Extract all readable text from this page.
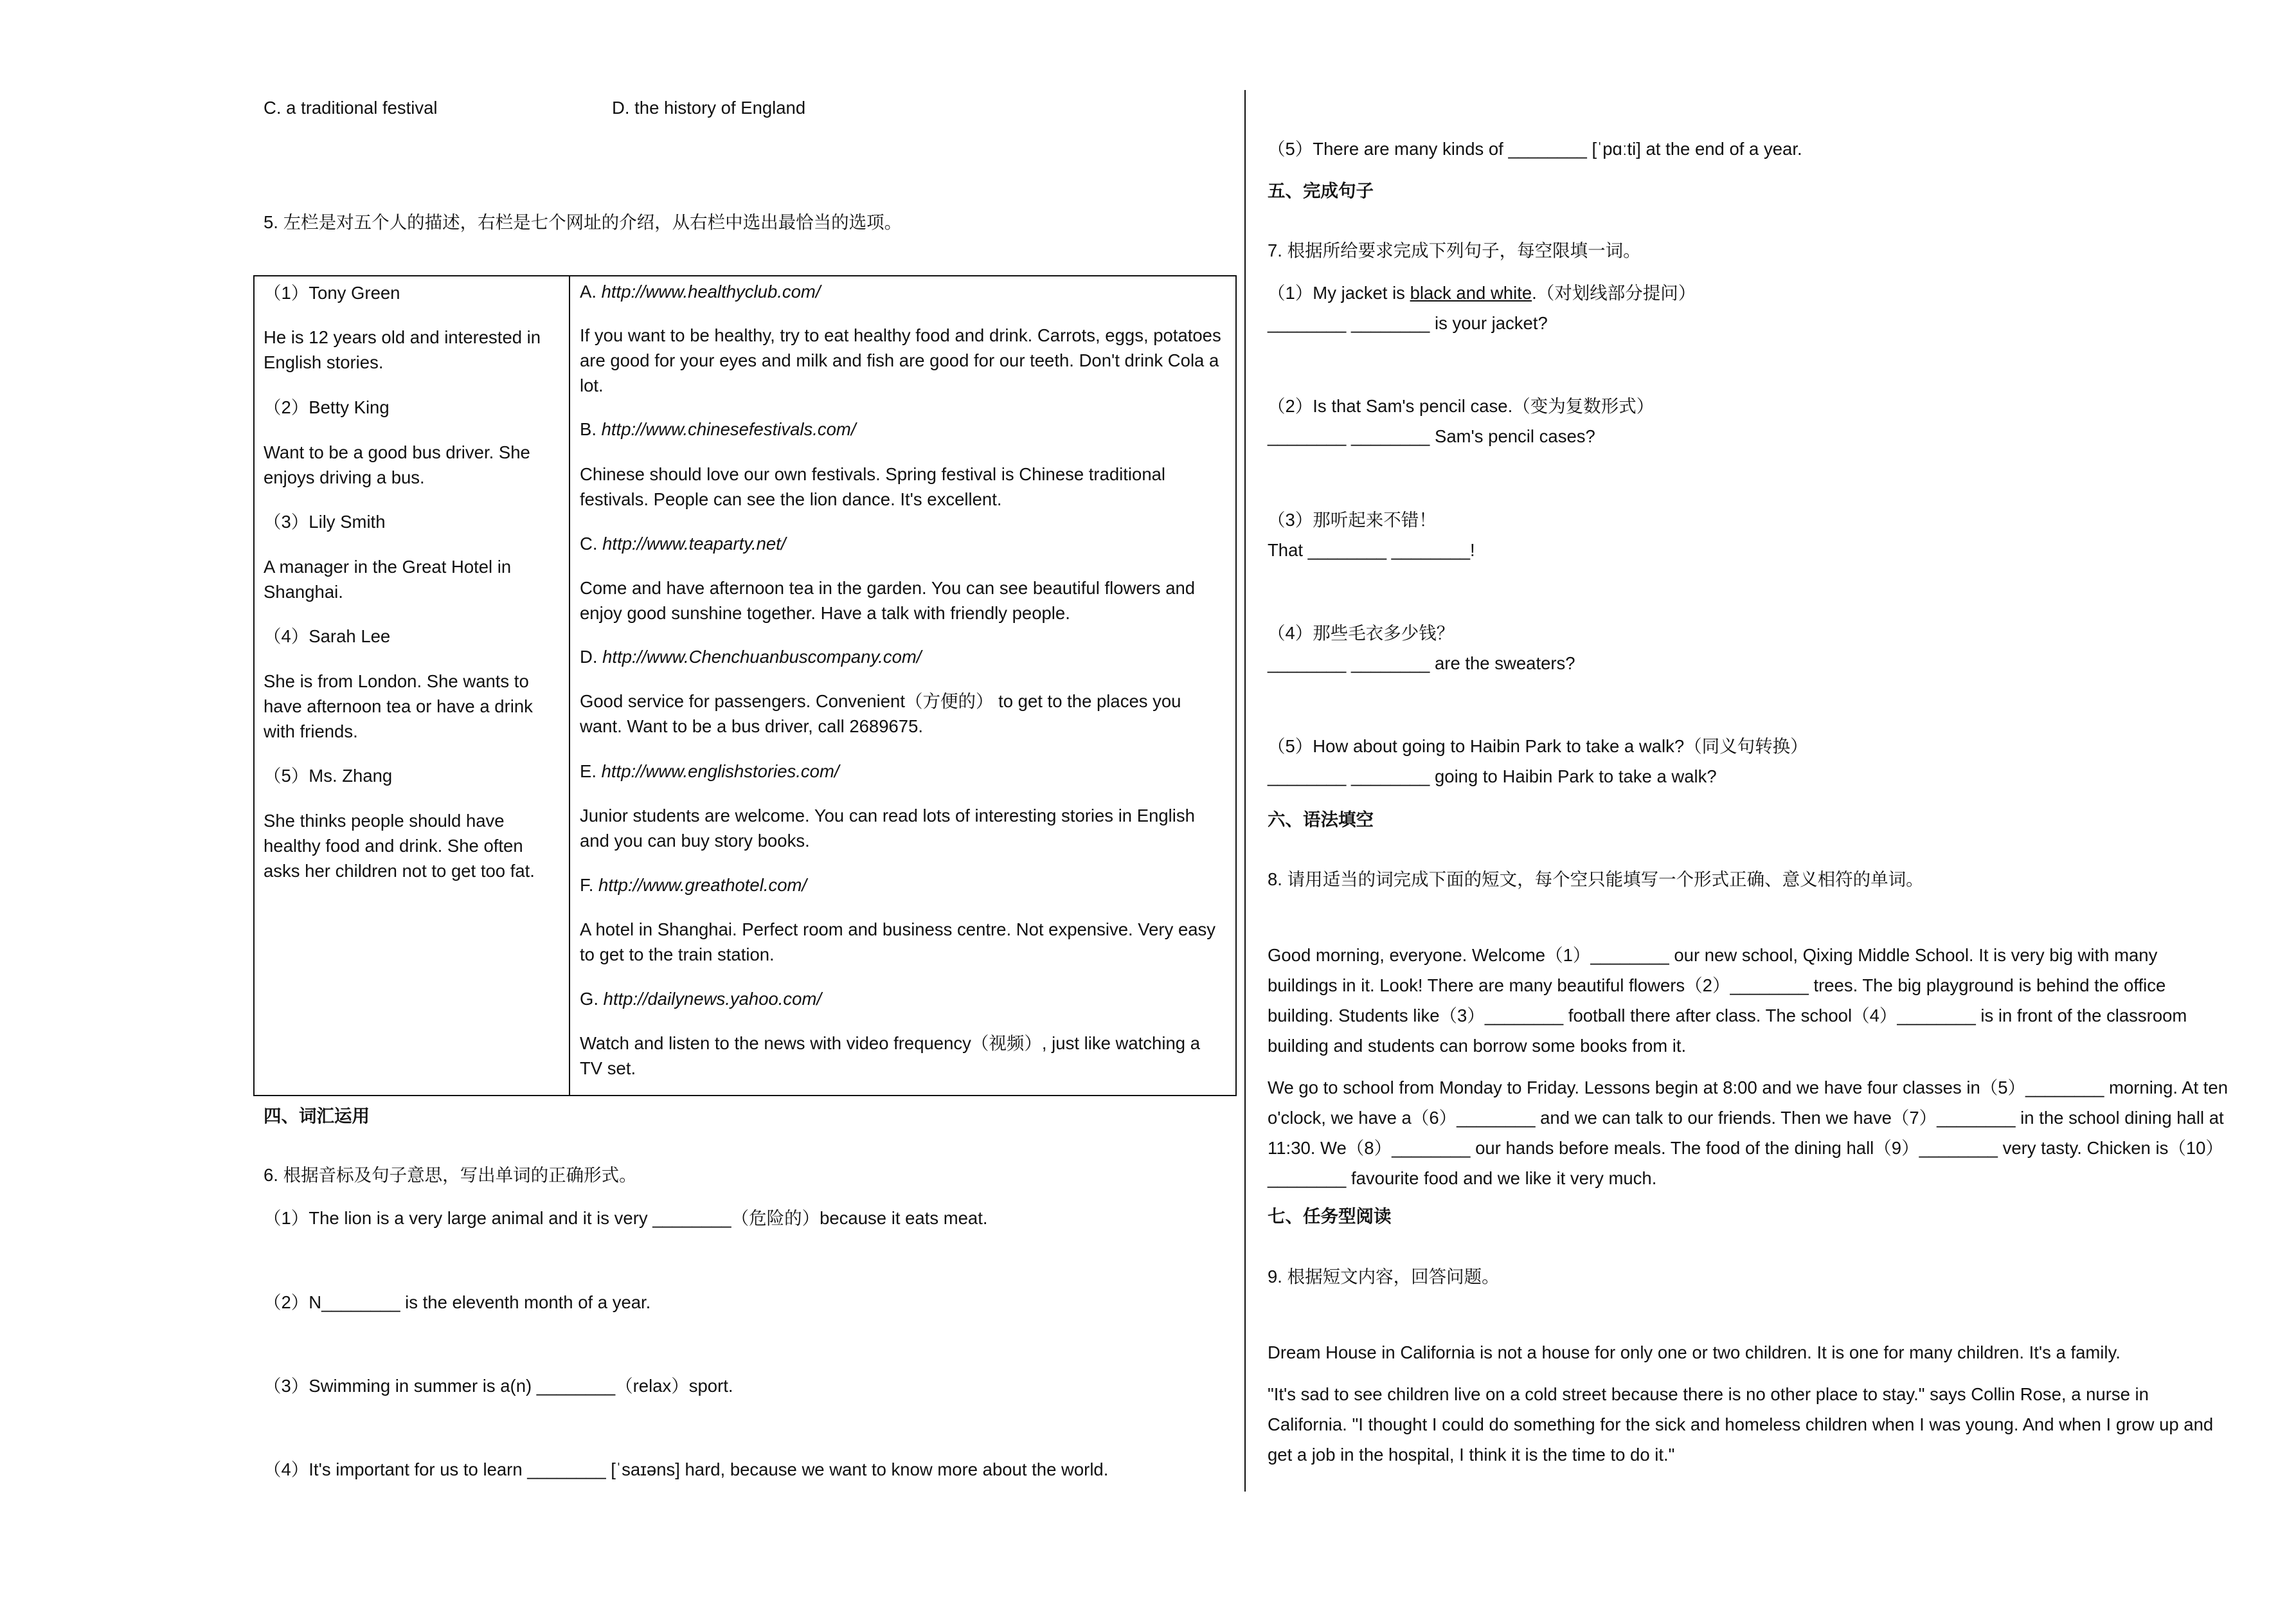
C. a traditional festival	D. the history of England
5. 左栏是对五个人的描述，右栏是七个网址的介绍，从右栏中选出最恰当的选项。
（1）Tony Green
He is 12 years old and interested in English stories.
（2）Betty King
Want to be a good bus driver. She enjoys driving a bus.
（3）Lily Smith
A manager in the Great Hotel in Shanghai.
（4）Sarah Lee
She is from London. She wants to have afternoon tea or have a drink with friends.
（5）Ms. Zhang
She thinks people should have healthy food and drink. She often asks her children not to get too fat.
A. http://www.healthyclub.com/
If you want to be healthy, try to eat healthy food and drink. Carrots, eggs, potatoes are good for your eyes and milk and fish are good for our teeth. Don't drink Cola a lot.
B. http://www.chinesefestivals.com/
Chinese should love our own festivals. Spring festival is Chinese traditional festivals. People can see the lion dance. It's excellent.
C. http://www.teaparty.net/
Come and have afternoon tea in the garden. You can see beautiful flowers and enjoy good sunshine together. Have a talk with friendly people.
D. http://www.Chenchuanbuscompany.com/
Good service for passengers. Convenient（方便的） to get to the places you want. Want to be a bus driver, call 2689675.
E. http://www.englishstories.com/
Junior students are welcome. You can read lots of interesting stories in English and you can buy story books.
F. http://www.greathotel.com/
A hotel in Shanghai. Perfect room and business centre. Not expensive. Very easy to get to the train station.
G. http://dailynews.yahoo.com/
Watch and listen to the news with video frequency（视频）, just like watching a TV set.
四、词汇运用
6. 根据音标及句子意思，写出单词的正确形式。
（1）The lion is a very large animal and it is very ________（危险的）because it eats meat.
（2）N________ is the eleventh month of a year.
（3）Swimming in summer is a(n) ________（relax）sport.
（4）It's important for us to learn ________ [ˈsaɪəns] hard, because we want to know more about the world.
（5）There are many kinds of ________ [ˈpɑːti] at the end of a year.
五、完成句子
7. 根据所给要求完成下列句子，每空限填一词。
（1）My jacket is black and white.（对划线部分提问）
________ ________ is your jacket?
（2）Is that Sam's pencil case.（变为复数形式）
________ ________ Sam's pencil cases?
（3）那听起来不错！
That ________ ________!
（4）那些毛衣多少钱？
________ ________ are the sweaters?
（5）How about going to Haibin Park to take a walk?（同义句转换）
________ ________ going to Haibin Park to take a walk?
六、语法填空
8. 请用适当的词完成下面的短文，每个空只能填写一个形式正确、意义相符的单词。
Good morning, everyone. Welcome（1）________ our new school, Qixing Middle School. It is very big with many buildings in it. Look! There are many beautiful flowers（2）________ trees. The big playground is behind the office building. Students like（3）________ football there after class. The school（4）________ is in front of the classroom building and students can borrow some books from it.
We go to school from Monday to Friday. Lessons begin at 8:00 and we have four classes in（5）________ morning. At ten o'clock, we have a（6）________ and we can talk to our friends. Then we have（7）________ in the school dining hall at 11:30. We（8）________ our hands before meals. The food of the dining hall（9）________ very tasty. Chicken is（10）________ favourite food and we like it very much.
七、任务型阅读
9. 根据短文内容，回答问题。
Dream House in California is not a house for only one or two children. It is one for many children. It's a family.
"It's sad to see children live on a cold street because there is no other place to stay." says Collin Rose, a nurse in California. "I thought I could do something for the sick and homeless children when I was young. And when I grow up and get a job in the hospital, I think it is the time to do it."
